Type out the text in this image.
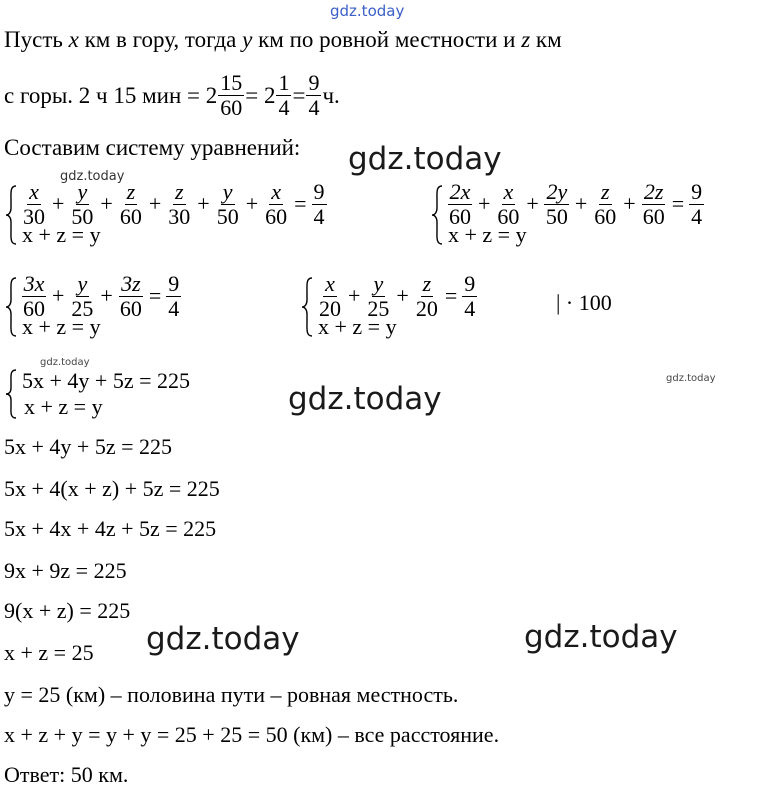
gdz.today
gdz.today
gdz.today
gdz.today
gdz.today
gdz.today
gdz.today	gdz.today
Пусть x км в гору, тогда y км по ровной местности и z км
с горы. 2 ч 15 мин = $2 \frac{15}{60} = 2 \frac{1}{4} = \frac{9}{4} ч$.
Составим систему уравнений:
$\frac{x}{30} + \frac{y}{50} + \frac{z}{60} + \frac{z}{30} + \frac{y}{50} + \frac{x}{60} = \frac{9}{4}$
x + z = y
$\frac{2x}{60} + \frac{x}{60} + \frac{2y}{50} + \frac{z}{60} + \frac{2z}{60} = \frac{9}{4}$
x + z = y
$\frac{3x}{60} + \frac{y}{25} + \frac{3z}{60} = \frac{9}{4}$
x + z = y
$\frac{x}{20} + \frac{y}{25} + \frac{z}{20} = \frac{9}{4}$
x + z = y
| · 100
5x + 4y + 5z = 225
x + z = y
5x + 4y + 5z = 225
5x + 4(x + z) + 5z = 225
5x + 4x + 4z + 5z = 225
9x + 9z = 225
9(x + z) = 225
x + z = 25
y = 25 (км) – половина пути – ровная местность.
x + z + y = y + y = 25 + 25 = 50 (км) – все расстояние.
Ответ: 50 км.
